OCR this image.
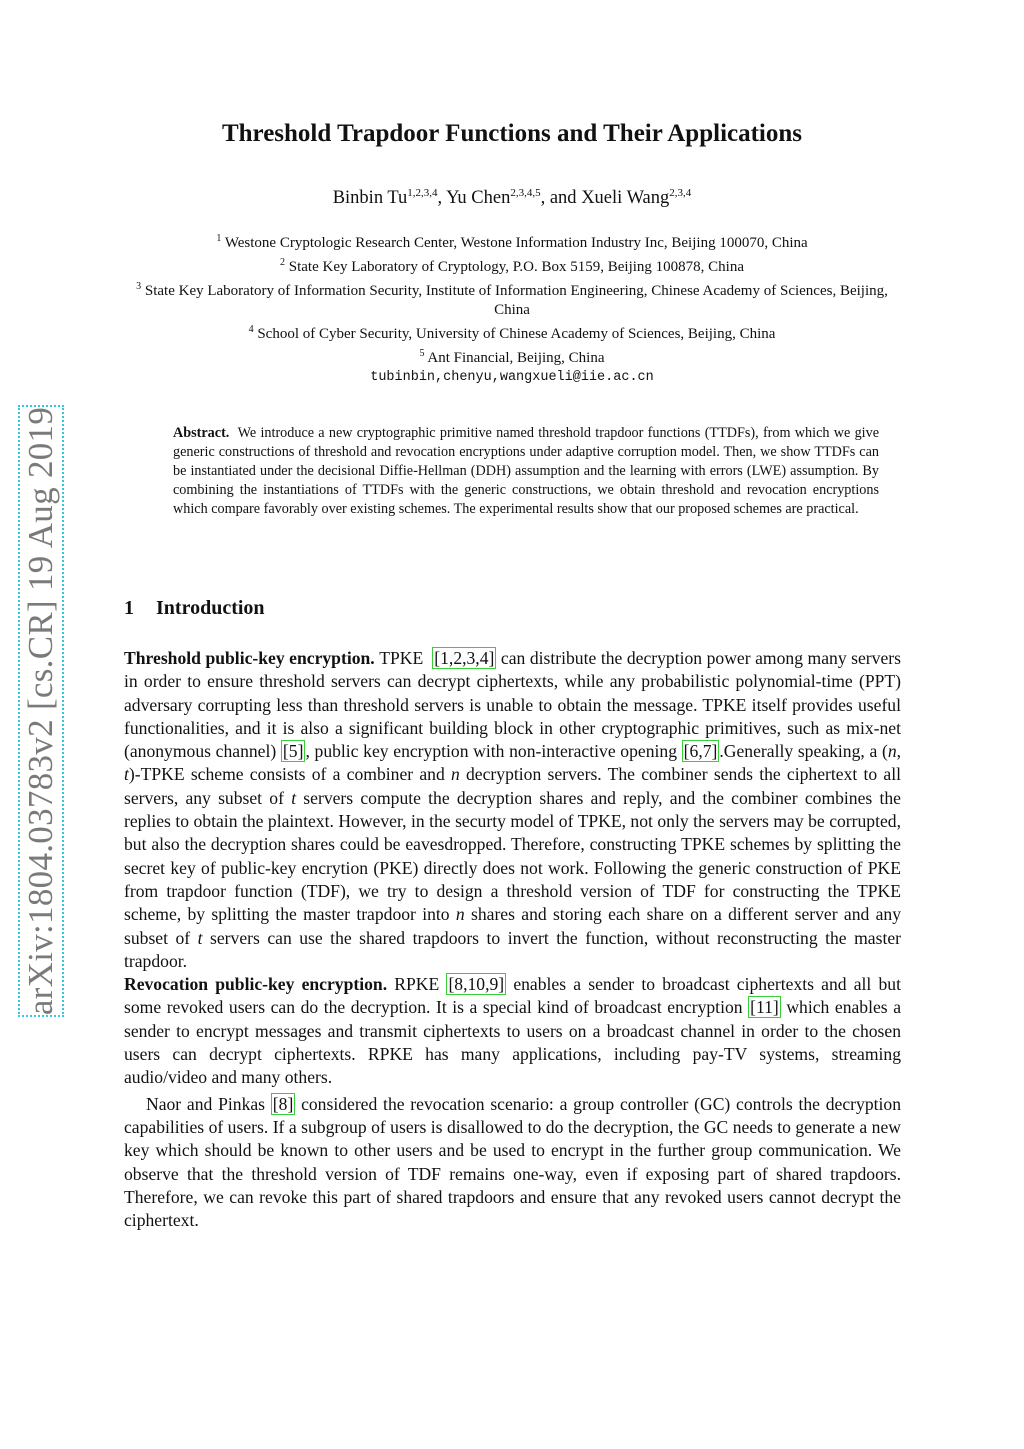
arXiv:1804.03783v2 [cs.CR] 19 Aug 2019
Threshold Trapdoor Functions and Their Applications
Binbin Tu$^{1,2,3,4}$, Yu Chen$^{2,3,4,5}$, and Xueli Wang$^{2,3,4}$
$^1$ Westone Cryptologic Research Center, Westone Information Industry Inc, Beijing 100070, China
$^2$ State Key Laboratory of Cryptology, P.O. Box 5159, Beijing 100878, China
$^3$ State Key Laboratory of Information Security, Institute of Information Engineering, Chinese Academy of Sciences, Beijing, China
$^4$ School of Cyber Security, University of Chinese Academy of Sciences, Beijing, China
$^5$ Ant Financial, Beijing, China
tubinbin,chenyu,wangxueli@iie.ac.cn
Abstract. We introduce a new cryptographic primitive named threshold trapdoor functions (TTDFs), from which we give generic constructions of threshold and revocation encryptions under adaptive corruption model. Then, we show TTDFs can be instantiated under the decisional Diffie-Hellman (DDH) assumption and the learning with errors (LWE) assumption. By combining the instantiations of TTDFs with the generic constructions, we obtain threshold and revocation encryptions which compare favorably over existing schemes. The experimental results show that our proposed schemes are practical.
1 Introduction

Threshold public-key encryption. TPKE  [1,2,3,4] can distribute the decryption power among many servers in order to ensure threshold servers can decrypt ciphertexts, while any probabilistic polynomial-time (PPT) adversary corrupting less than threshold servers is unable to obtain the message. TPKE itself provides useful functionalities, and it is also a significant building block in other cryptographic primitives, such as mix-net (anonymous channel) [5] , public key encryption with non-interactive opening [6,7] .Generally speaking, a (n, t)-TPKE scheme consists of a combiner and n decryption servers. The combiner sends the ciphertext to all servers, any subset of t servers compute the decryption shares and reply, and the combiner combines the replies to obtain the plaintext. However, in the securty model of TPKE, not only the servers may be corrupted, but also the decryption shares could be eavesdropped. Therefore, constructing TPKE schemes by splitting the secret key of public-key encrytion (PKE) directly does not work. Following the generic construction of PKE from trapdoor function (TDF), we try to design a threshold version of TDF for constructing the TPKE scheme, by splitting the master trapdoor into n shares and storing each share on a different server and any subset of t servers can use the shared trapdoors to invert the function, without reconstructing the master trapdoor.

Revocation public-key encryption. RPKE [8,10,9] enables a sender to broadcast ciphertexts and all but some revoked users can do the decryption. It is a special kind of broadcast encryption [11] which enables a sender to encrypt messages and transmit ciphertexts to users on a broadcast channel in order to the chosen users can decrypt ciphertexts. RPKE has many applications, including pay-TV systems, streaming audio/video and many others.

Naor and Pinkas [8] considered the revocation scenario: a group controller (GC) controls the decryption capabilities of users. If a subgroup of users is disallowed to do the decryption, the GC needs to generate a new key which should be known to other users and be used to encrypt in the further group communication. We observe that the threshold version of TDF remains one-way, even if exposing part of shared trapdoors. Therefore, we can revoke this part of shared trapdoors and ensure that any revoked users cannot decrypt the ciphertext.
